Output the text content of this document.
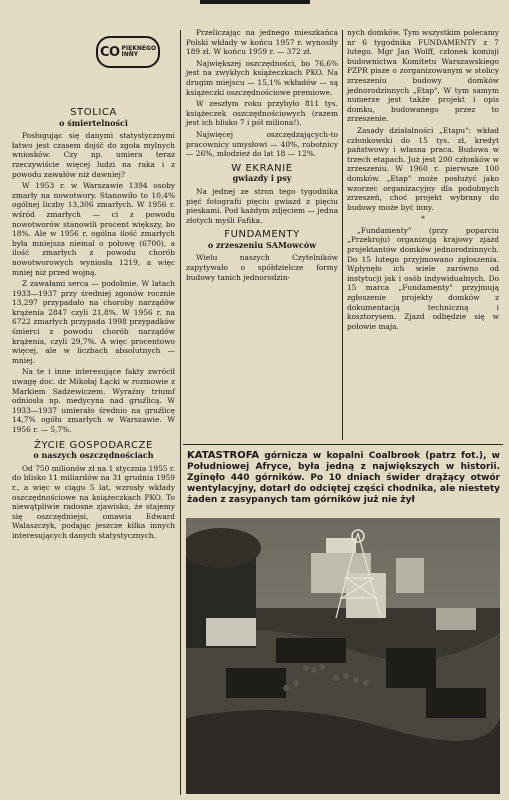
CO PIĘKNEGO
INNY
STOLICA
o śmiertelności

Posługując się danymi statystycznymi łatwo jest czasem dojść do zgoła mylnych wniosków. Czy np. umiera teraz rzeczywiście więcej ludzi na raka i z powodu zawałów niż dawniej?

W 1953 r. w Warszawie 1394 osoby zmarły na nowotwory. Stanowiło to 10,4% ogólnej liczby 13,306 zmarłych. W 1956 r. wśród zmarłych — ci z powodu nowotworów stanowili procent większy, bo 18%. Ale w 1956 r. ogólna ilość zmarłych była mniejsza niemal o połowę (6700), a ilość zmarłych z powodu chorób nowotworowych wyniosła 1219, a więc mniej niż przed wojną.

Z zawałami serca — podobnie. W latach 1933—1937 przy średniej zgonów rocznie 13,297 przypadało na choroby narządów krążenia 2847 czyli 21,8%. W 1956 r. na 6722 zmarłych przypada 1998 przypadków śmierci z powodu chorób narządów krążenia, czyli 29,7%. A więc procentowo więcej, ale w liczbach absolutnych — mniej.

Na te i inne interesujące fakty zwrócił uwagę doc. dr Mikołaj Łącki w rozmowie z Markiem Sadzewiczem. Wyraźny triumf odniosła np. medycyna nad gruźlicą. W 1933—1937 umierało średnio na gruźlicę 14,7% ogółu zmarłych w Warszawie. W 1956 r. — 5,7%.

ŻYCIE GOSPODARCZE
o naszych oszczędnościach

Od 750 milionów zł na 1 stycznia 1955 r. do blisko 11 miliardów na 31 grudnia 1959 r., a więc w ciągu 5 lat, wzrosły wkłady oszczędnościowe na książeczkach PKO. To niewątpliwie radosne zjawisko, że stajemy się oszczędniejsi, omawia Edward Walaszczyk, podając jeszcze kilka innych interesujących danych statystycznych.

Przeliczając na jednego mieszkańca Polski wkłady w końcu 1957 r. wynosiły 189 zł. W końcu 1959 r. — 372 zł.

Największej oszczędności, bo 76,6% jest na zwykłych książeczkach PKO. Na drugim miejscu — 15,1% wkładów — są książeczki oszczędnościowe premiowe.

W zeszłym roku przybyło 811 tys. książeczek oszczędnościowych (razem jest ich blisko 7 i pół miliona!).

Najwięcej oszczędzających-to pracownicy umysłowi — 40%, robotnicy — 26%, młodzież do lat 18 — 12%.

W EKRANIE
gwiazdy i psy

Na jednej ze stron tego tygodnika pięć fotografii pięciu gwiazd z pięciu pieskami. Pod każdym zdjęciem — jedna złotych myśli Fafika.

FUNDAMENTY
o zrzeszeniu SAMowców

Wielu naszych Czytelników zapytywało o spółdzielcze formy budowy tanich jednorodzin-

nych domków. Tym wszystkim polecamy nr 6 tygodnika FUNDAMENTY z 7 lutego. Mgr Jan Wolff, członek komisji budownictwa Komitetu Warszawskiego PZPR pisze o zorganizowanym w stolicy zrzeszeniu budowy domków jednorodzinnych „Etap". W tym samym numerze jest także projekt i opis domku, budowanego przez to zrzeszenie.

Zasady działalności „Etapu": wkład członkowski do 15 tys. zł, kredyt państwowy i własna praca. Budowa w trzech etapach. Już jest 200 członków w zrzeszeniu. W 1960 r. pierwsze 100 domków. „Etap" może posłużyć jako wzorzec organizacyjny dla podobnych zrzeszeń, choć projekt wybrany do budowy może być inny.

*

„Fundamenty" (przy poparciu „Przekroju) organizują krajowy zjazd projektantów domków jednorodzinnych. Do 15 lutego przyjmowano zgłoszenia. Wpłynęło ich wiele zarówno od instytucji jak i osób indywidualnych. Do 15 marca „Fundamenty" przyjmują zgłoszenie projekty domków z dokumentacją techniczną i kosztorysem. Zjazd odbędzie się w połowie maja.

KATASTROFA górnicza w kopalni Coalbrook (patrz fot.), w Południowej Afryce, była jedną z największych w historii. Zginęło 440 górników. Po 10 dniach świder drążący otwór wentylacyjny, dotarł do odciętej części chodnika, ale niestety żaden z zasypanych tam górników już nie żył
